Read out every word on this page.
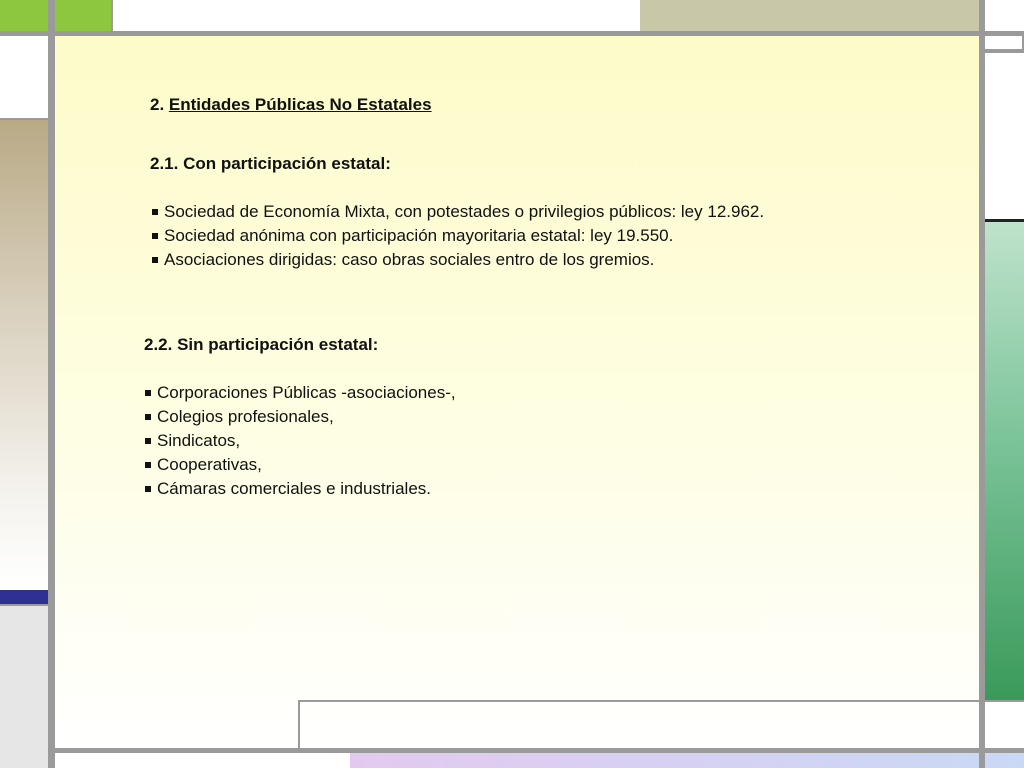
2. Entidades Públicas No Estatales
2.1. Con participación estatal:
Sociedad de Economía Mixta, con potestades o privilegios públicos: ley 12.962.
Sociedad anónima con participación mayoritaria estatal: ley 19.550.
Asociaciones dirigidas: caso obras sociales entro de los gremios.
2.2. Sin participación estatal:
Corporaciones Públicas -asociaciones-,
Colegios profesionales,
Sindicatos,
Cooperativas,
Cámaras comerciales e industriales.
